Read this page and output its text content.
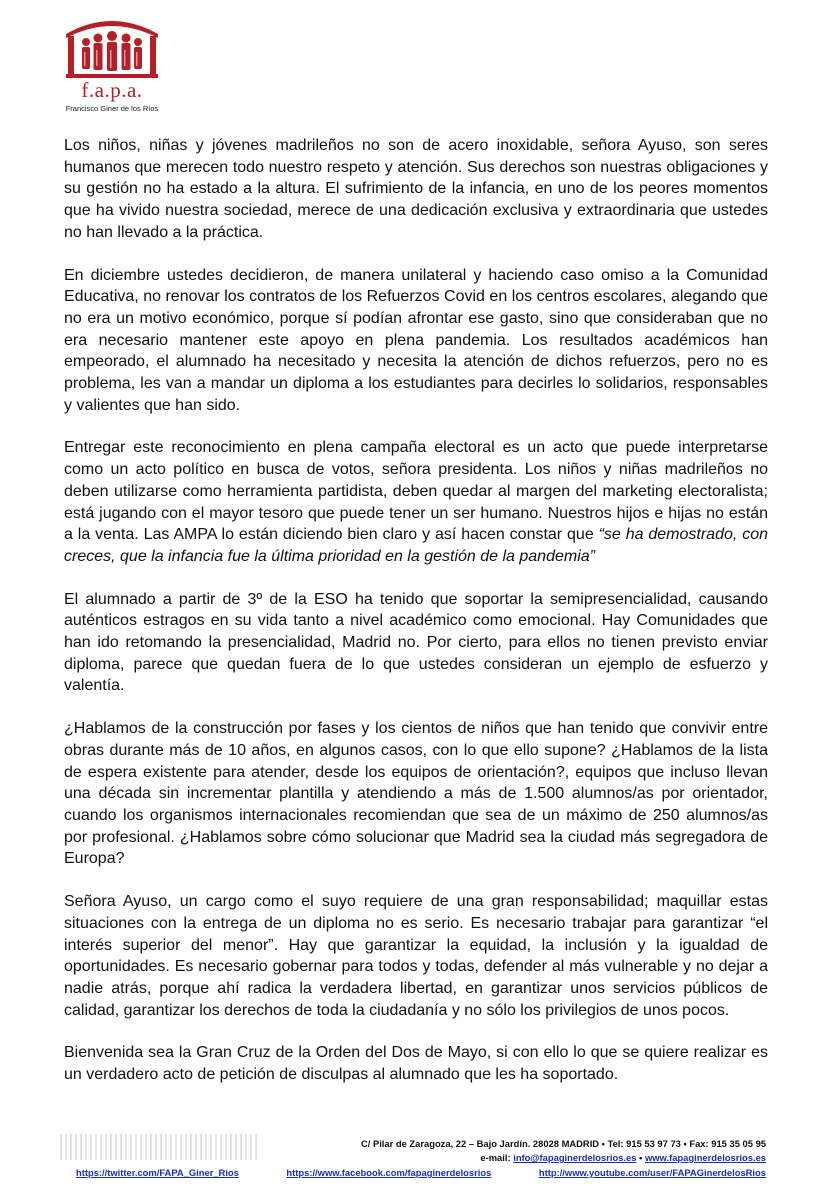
f.a.p.a.
Francisco Giner de los Ríos

Los niños, niñas y jóvenes madrileños no son de acero inoxidable, señora Ayuso, son seres humanos que merecen todo nuestro respeto y atención. Sus derechos son nuestras obligaciones y su gestión no ha estado a la altura. El sufrimiento de la infancia, en uno de los peores momentos que ha vivido nuestra sociedad, merece de una dedicación exclusiva y extraordinaria que ustedes no han llevado a la práctica.

En diciembre ustedes decidieron, de manera unilateral y haciendo caso omiso a la Comunidad Educativa, no renovar los contratos de los Refuerzos Covid en los centros escolares, alegando que no era un motivo económico, porque sí podían afrontar ese gasto, sino que consideraban que no era necesario mantener este apoyo en plena pandemia. Los resultados académicos han empeorado, el alumnado ha necesitado y necesita la atención de dichos refuerzos, pero no es problema, les van a mandar un diploma a los estudiantes para decirles lo solidarios, responsables y valientes que han sido.

Entregar este reconocimiento en plena campaña electoral es un acto que puede interpretarse como un acto político en busca de votos, señora presidenta. Los niños y niñas madrileños no deben utilizarse como herramienta partidista, deben quedar al margen del marketing electoralista; está jugando con el mayor tesoro que puede tener un ser humano. Nuestros hijos e hijas no están a la venta. Las AMPA lo están diciendo bien claro y así hacen constar que “se ha demostrado, con creces, que la infancia fue la última prioridad en la gestión de la pandemia”

El alumnado a partir de 3º de la ESO ha tenido que soportar la semipresencialidad, causando auténticos estragos en su vida tanto a nivel académico como emocional. Hay Comunidades que han ido retomando la presencialidad, Madrid no. Por cierto, para ellos no tienen previsto enviar diploma, parece que quedan fuera de lo que ustedes consideran un ejemplo de esfuerzo y valentía.

¿Hablamos de la construcción por fases y los cientos de niños que han tenido que convivir entre obras durante más de 10 años, en algunos casos, con lo que ello supone? ¿Hablamos de la lista de espera existente para atender, desde los equipos de orientación?, equipos que incluso llevan una década sin incrementar plantilla y atendiendo a más de 1.500 alumnos/as por orientador, cuando los organismos internacionales recomiendan que sea de un máximo de 250 alumnos/as por profesional. ¿Hablamos sobre cómo solucionar que Madrid sea la ciudad más segregadora de Europa?

Señora Ayuso, un cargo como el suyo requiere de una gran responsabilidad; maquillar estas situaciones con la entrega de un diploma no es serio. Es necesario trabajar para garantizar “el interés superior del menor”. Hay que garantizar la equidad, la inclusión y la igualdad de oportunidades. Es necesario gobernar para todos y todas, defender al más vulnerable y no dejar a nadie atrás, porque ahí radica la verdadera libertad, en garantizar unos servicios públicos de calidad, garantizar los derechos de toda la ciudadanía y no sólo los privilegios de unos pocos.

Bienvenida sea la Gran Cruz de la Orden del Dos de Mayo, si con ello lo que se quiere realizar es un verdadero acto de petición de disculpas al alumnado que les ha soportado.

C/ Pilar de Zaragoza, 22 – Bajo Jardín. 28028 MADRID • Tel: 915 53 97 73 • Fax: 915 35 05 95
e-mail: info@fapaginerdelosrios.es • www.fapaginerdelosrios.es
https://twitter.com/FAPA_Giner_Rios	https://www.facebook.com/fapaginerdelosrios	http://www.youtube.com/user/FAPAGinerdelosRios
